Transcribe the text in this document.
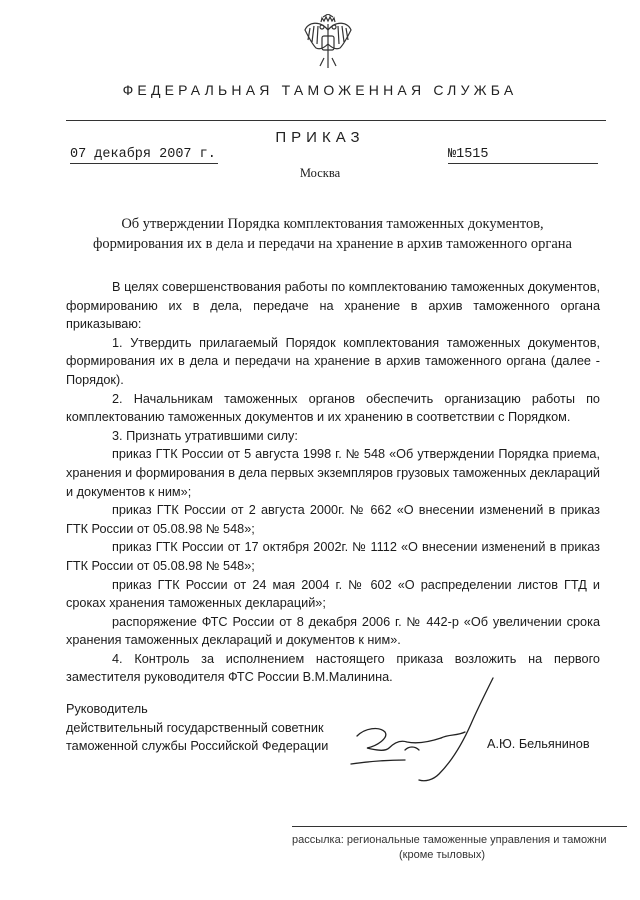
ФЕДЕРАЛЬНАЯ ТАМОЖЕННАЯ СЛУЖБА
ПРИКАЗ
07 декабря 2007 г.	№1515
Москва
Об утверждении Порядка комплектования таможенных документов,
формирования их в дела и передачи на хранение в архив таможенного органа

В целях совершенствования работы по комплектованию таможенных документов, формированию их в дела, передаче на хранение в архив таможенного органа приказываю:

1. Утвердить прилагаемый Порядок комплектования таможенных документов, формирования их в дела и передачи на хранение в архив таможенного органа (далее - Порядок).

2. Начальникам таможенных органов обеспечить организацию работы по комплектованию таможенных документов и их хранению в соответствии с Порядком.

3. Признать утратившими силу:

приказ ГТК России от 5 августа 1998 г. № 548 «Об утверждении Порядка приема, хранения и формирования в дела первых экземпляров грузовых таможенных деклараций и документов к ним»;

приказ ГТК России от 2 августа 2000г. № 662 «О внесении изменений в приказ ГТК России от 05.08.98 № 548»;

приказ ГТК России от 17 октября 2002г. № 1112 «О внесении изменений в приказ ГТК России от 05.08.98 № 548»;

приказ ГТК России от 24 мая 2004 г. № 602 «О распределении листов ГТД и сроках хранения таможенных деклараций»;

распоряжение ФТС России от 8 декабря 2006 г. № 442-р «Об увеличении срока хранения таможенных деклараций и документов к ним».

4. Контроль за исполнением настоящего приказа возложить на первого заместителя руководителя ФТС России В.М.Малинина.

Руководитель
действительный государственный советник
таможенной службы Российской Федерации	А.Ю. Бельянинов
рассылка: региональные таможенные управления и таможни
(кроме тыловых)
